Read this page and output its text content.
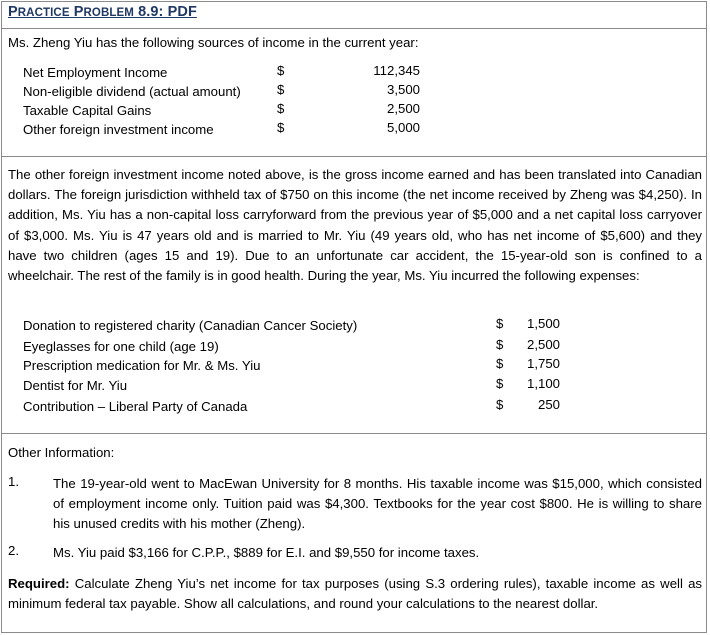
PRACTICE PROBLEM 8.9: PDF
Ms. Zheng Yiu has the following sources of income in the current year:
Net Employment Income	$	112,345
Non-eligible dividend (actual amount)	$	3,500
Taxable Capital Gains	$	2,500
Other foreign investment income	$	5,000
The other foreign investment income noted above, is the gross income earned and has been translated into Canadian dollars. The foreign jurisdiction withheld tax of $750 on this income (the net income received by Zheng was $4,250). In addition, Ms. Yiu has a non-capital loss carryforward from the previous year of $5,000 and a net capital loss carryover of $3,000. Ms. Yiu is 47 years old and is married to Mr. Yiu (49 years old, who has net income of $5,600) and they have two children (ages 15 and 19). Due to an unfortunate car accident, the 15-year-old son is confined to a wheelchair. The rest of the family is in good health. During the year, Ms. Yiu incurred the following expenses:
Donation to registered charity (Canadian Cancer Society)	$	1,500
Eyeglasses for one child (age 19)	$	2,500
Prescription medication for Mr. & Ms. Yiu	$	1,750
Dentist for Mr. Yiu	$	1,100
Contribution – Liberal Party of Canada	$	250
Other Information:
1.	The 19-year-old went to MacEwan University for 8 months. His taxable income was $15,000, which consisted of employment income only. Tuition paid was $4,300. Textbooks for the year cost $800. He is willing to share his unused credits with his mother (Zheng).
2.	Ms. Yiu paid $3,166 for C.P.P., $889 for E.I. and $9,550 for income taxes.
Required: Calculate Zheng Yiu’s net income for tax purposes (using S.3 ordering rules), taxable income as well as minimum federal tax payable. Show all calculations, and round your calculations to the nearest dollar.
